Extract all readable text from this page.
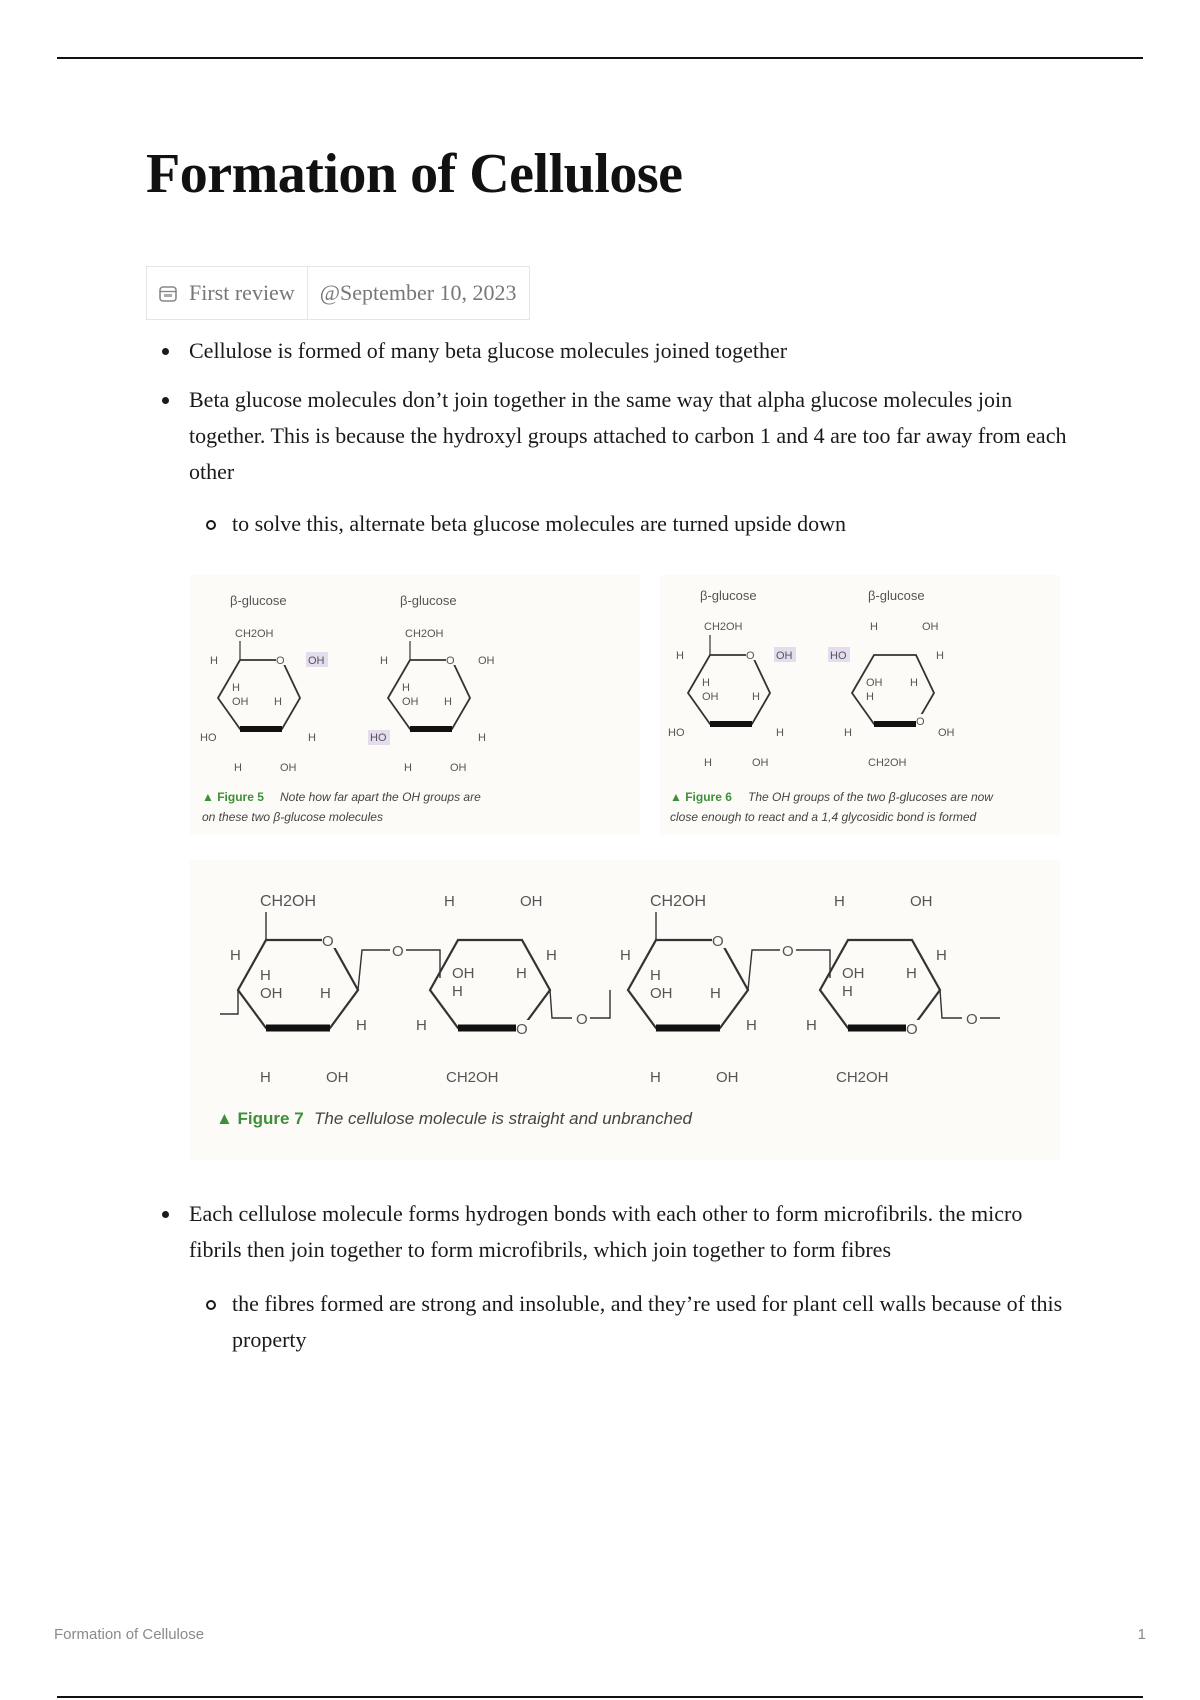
Formation of Cellulose
First review @September 10, 2023
Cellulose is formed of many beta glucose molecules joined together
Beta glucose molecules don’t join together in the same way that alpha glucose molecules join together. This is because the hydroxyl groups attached to carbon 1 and 4 are too far away from each other
to solve this, alternate beta glucose molecules are turned upside down
β-glucose
CH2OH
O OH
H
H
OH H
HO	H
H	OH
β-glucose
CH2OH
O OH
H
H
OH H
HO	H
H	OH
▲ Figure 5 Note how far apart the OH groups are
on these two β-glucose molecules
β-glucose
CH2OH
O OH
H
H
OH	H
HO	H
H	OH
β-glucose
H	OH
HO	H
OH
H
H
O
H	OH
CH2OH
▲ Figure 6 The OH groups of the two β-glucoses are now
close enough to react and a 1,4 glycosidic bond is formed
CH2OH
O
H
H
OH	H
H
H	OH
O
H	OH
OH
H
H
H
H	O
CH2OH
O
CH2OH
O
H
H
OH	H
H
H	OH
O
H	OH
OH
H
H
H
H	O
CH2OH
O
▲ Figure 7 The cellulose molecule is straight and unbranched
Each cellulose molecule forms hydrogen bonds with each other to form microfibrils. the micro fibrils then join together to form microfibrils, which join together to form fibres
the fibres formed are strong and insoluble, and they’re used for plant cell walls because of this property
Formation of Cellulose	1
